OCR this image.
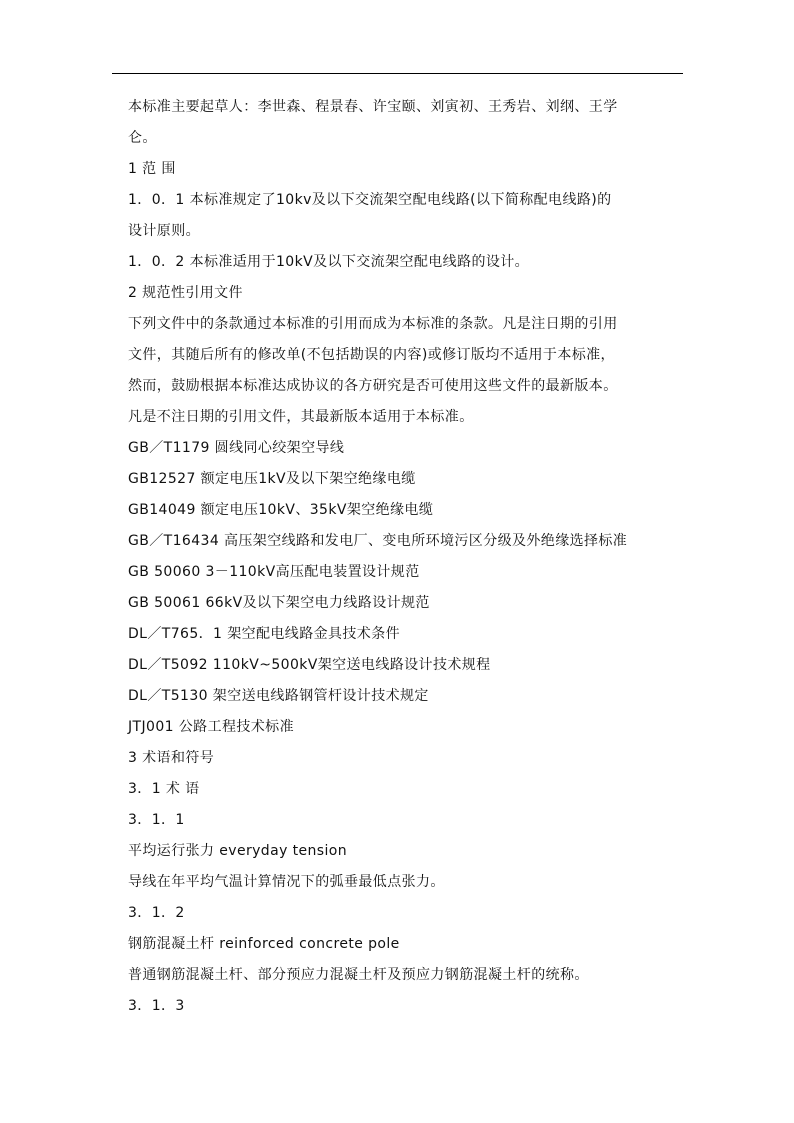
本标准主要起草人：李世森、程景春、许宝颐、刘寅初、王秀岩、刘纲、王学
仑。
1 范 围
1．0．1 本标准规定了10kv及以下交流架空配电线路(以下简称配电线路)的
设计原则。
1．0．2 本标准适用于10kV及以下交流架空配电线路的设计。
2 规范性引用文件
下列文件中的条款通过本标准的引用而成为本标准的条款。凡是注日期的引用
文件，其随后所有的修改单(不包括勘误的内容)或修订版均不适用于本标准，
然而，鼓励根据本标准达成协议的各方研究是否可使用这些文件的最新版本。
凡是不注日期的引用文件，其最新版本适用于本标准。
GB／T1179 圆线同心绞架空导线
GB12527 额定电压1kV及以下架空绝缘电缆
GB14049 额定电压10kV、35kV架空绝缘电缆
GB／T16434 高压架空线路和发电厂、变电所环境污区分级及外绝缘选择标准
GB 50060 3－110kV高压配电装置设计规范
GB 50061 66kV及以下架空电力线路设计规范
DL／T765．1 架空配电线路金具技术条件
DL／T5092 110kV~500kV架空送电线路设计技术规程
DL／T5130 架空送电线路钢管杆设计技术规定
JTJ001 公路工程技术标准
3 术语和符号
3．1 术 语
3．1．1
平均运行张力 everyday tension
导线在年平均气温计算情况下的弧垂最低点张力。
3．1．2
钢筋混凝土杆 reinforced concrete pole
普通钢筋混凝土杆、部分预应力混凝土杆及预应力钢筋混凝土杆的统称。
3．1．3
